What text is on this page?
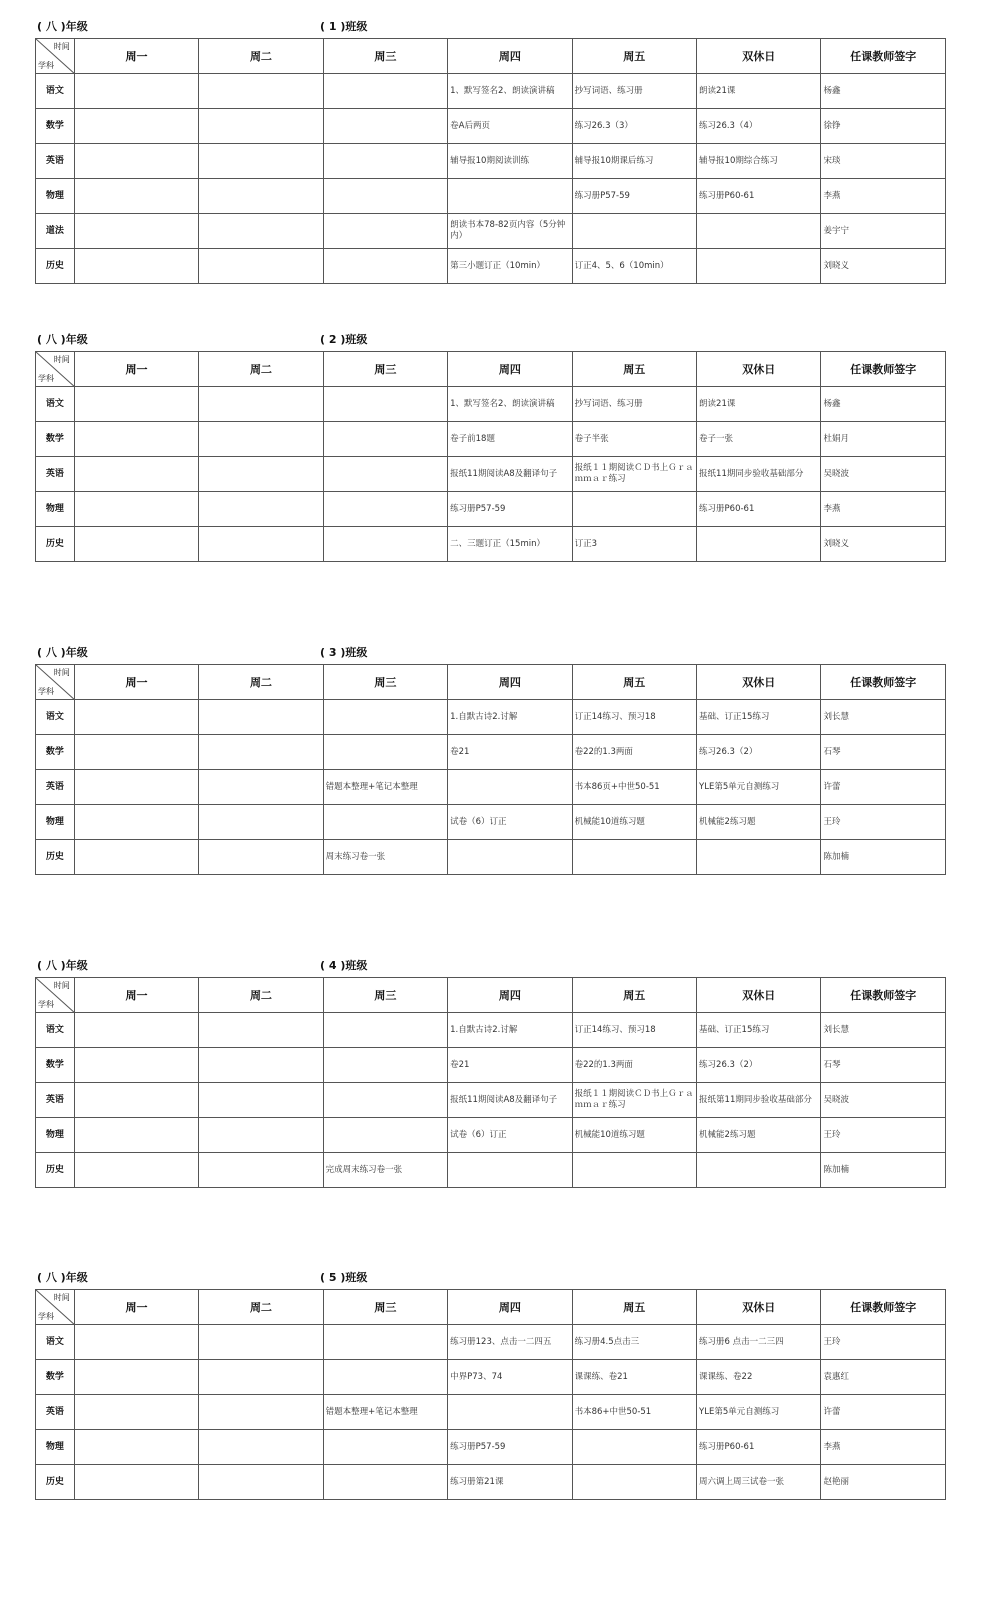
( 八 )年级	( 1 )班级
时间
学科	周一	周二	周三	周四	周五	双休日	任课教师签字
语文				1、默写签名2、朗读演讲稿	抄写词语、练习册	朗读21课	杨鑫
数学				卷A后两页	练习26.3（3）	练习26.3（4）	徐铮
英语				辅导报10期阅读训练	辅导报10期课后练习	辅导报10期综合练习	宋琰
物理					练习册P57-59	练习册P60-61	李燕
道法				朗读书本78-82页内容（5分钟内）			姜宇宁
历史				第三小题订正（10min）	订正4、5、6（10min）		刘晓义
( 八 )年级	( 2 )班级
时间
学科	周一	周二	周三	周四	周五	双休日	任课教师签字
语文				1、默写签名2、朗读演讲稿	抄写词语、练习册	朗读21课	杨鑫
数学				卷子前18题	卷子半张	卷子一张	杜娟月
英语				报纸11期阅读A8及翻译句子	报纸１１期阅读ＣＤ书上Ｇｒａｍｍａｒ练习	报纸11期同步验收基础部分	吴晓波
物理				练习册P57-59		练习册P60-61	李燕
历史				二、三题订正（15min）	订正3		刘晓义
( 八 )年级	( 3 )班级
时间
学科	周一	周二	周三	周四	周五	双休日	任课教师签字
语文				1.自默古诗2.讨解	订正14练习、预习18	基础、订正15练习	刘长慧
数学				卷21	卷22的1.3两面	练习26.3（2）	石琴
英语			错题本整理+笔记本整理		书本86页+中世50-51	YLE第5单元自测练习	许蕾
物理				试卷（6）订正	机械能10道练习题	机械能2练习题	王玲
历史			周末练习卷一张				陈加楠
( 八 )年级	( 4 )班级
时间
学科	周一	周二	周三	周四	周五	双休日	任课教师签字
语文				1.自默古诗2.讨解	订正14练习、预习18	基础、订正15练习	刘长慧
数学				卷21	卷22的1.3两面	练习26.3（2）	石琴
英语				报纸11期阅读A8及翻译句子	报纸１１期阅读ＣＤ书上Ｇｒａｍｍａｒ练习	报纸第11期同步验收基础部分	吴晓波
物理				试卷（6）订正	机械能10道练习题	机械能2练习题	王玲
历史			完成周末练习卷一张				陈加楠
( 八 )年级	( 5 )班级
时间
学科	周一	周二	周三	周四	周五	双休日	任课教师签字
语文				练习册123、点击一二四五	练习册4.5点击三	练习册6 点击一二三四	王玲
数学				中界P73、74	课课练、卷21	课课练、卷22	袁惠红
英语			错题本整理+笔记本整理		书本86+中世50-51	YLE第5单元自测练习	许蕾
物理				练习册P57-59		练习册P60-61	李燕
历史				练习册第21课		周六调上周三试卷一张	赵艳丽
